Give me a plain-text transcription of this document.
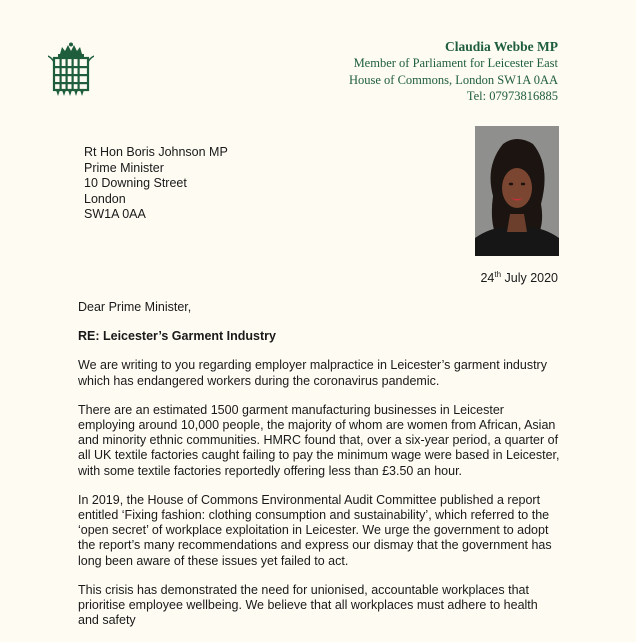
Claudia Webbe MP
Member of Parliament for Leicester East
House of Commons, London SW1A 0AA
Tel: 07973816885
Rt Hon Boris Johnson MP
Prime Minister
10 Downing Street
London
SW1A 0AA
24th July 2020

Dear Prime Minister,

RE: Leicester’s Garment Industry

We are writing to you regarding employer malpractice in Leicester’s garment industry which has endangered workers during the coronavirus pandemic.

There are an estimated 1500 garment manufacturing businesses in Leicester employing around 10,000 people, the majority of whom are women from African, Asian and minority ethnic communities. HMRC found that, over a six-year period, a quarter of all UK textile factories caught failing to pay the minimum wage were based in Leicester, with some textile factories reportedly offering less than £3.50 an hour.

In 2019, the House of Commons Environmental Audit Committee published a report entitled ‘Fixing fashion: clothing consumption and sustainability’, which referred to the ‘open secret’ of workplace exploitation in Leicester. We urge the government to adopt the report’s many recommendations and express our dismay that the government has long been aware of these issues yet failed to act.

This crisis has demonstrated the need for unionised, accountable workplaces that prioritise employee wellbeing. We believe that all workplaces must adhere to health and safety
